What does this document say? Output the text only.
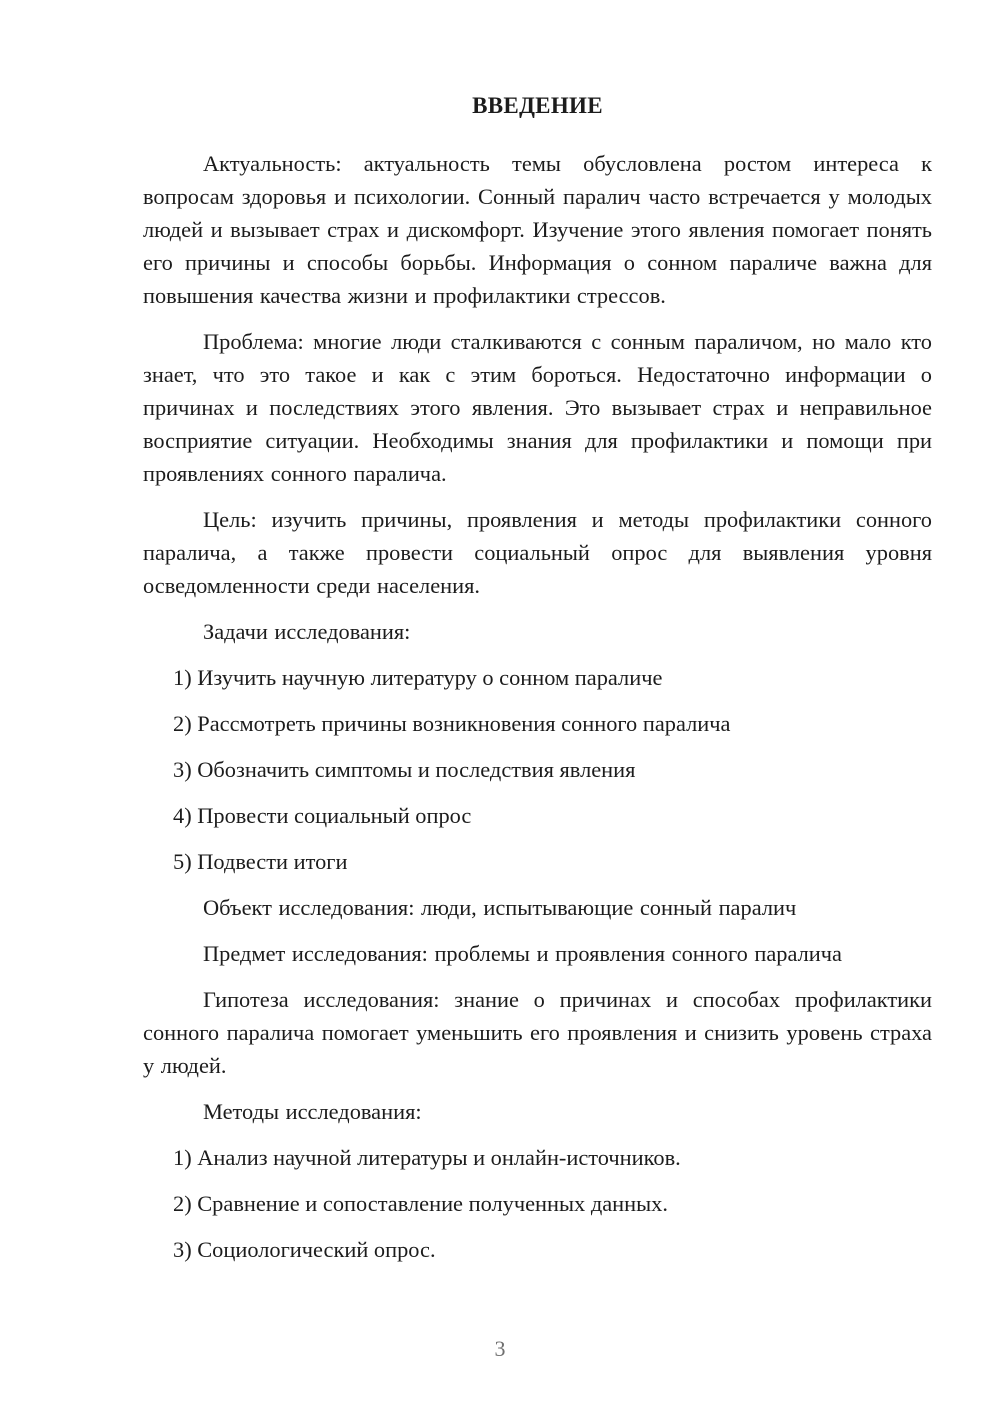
ВВЕДЕНИЕ

Актуальность: актуальность темы обусловлена ростом интереса к вопросам здоровья и психологии. Сонный паралич часто встречается у молодых людей и вызывает страх и дискомфорт. Изучение этого явления помогает понять его причины и способы борьбы. Информация о сонном параличе важна для повышения качества жизни и профилактики стрессов.

Проблема: многие люди сталкиваются с сонным параличом, но мало кто знает, что это такое и как с этим бороться. Недостаточно информации о причинах и последствиях этого явления. Это вызывает страх и неправильное восприятие ситуации. Необходимы знания для профилактики и помощи при проявлениях сонного паралича.

Цель: изучить причины, проявления и методы профилактики сонного паралича, а также провести социальный опрос для выявления уровня осведомленности среди населения.

Задачи исследования:

1) Изучить научную литературу о сонном параличе

2) Рассмотреть причины возникновения сонного паралича

3) Обозначить симптомы и последствия явления

4) Провести социальный опрос

5) Подвести итоги

Объект исследования: люди, испытывающие сонный паралич

Предмет исследования: проблемы и проявления сонного паралича

Гипотеза исследования: знание о причинах и способах профилактики сонного паралича помогает уменьшить его проявления и снизить уровень страха у людей.

Методы исследования:

1) Анализ научной литературы и онлайн-источников.

2) Сравнение и сопоставление полученных данных.

3) Социологический опрос.

3
